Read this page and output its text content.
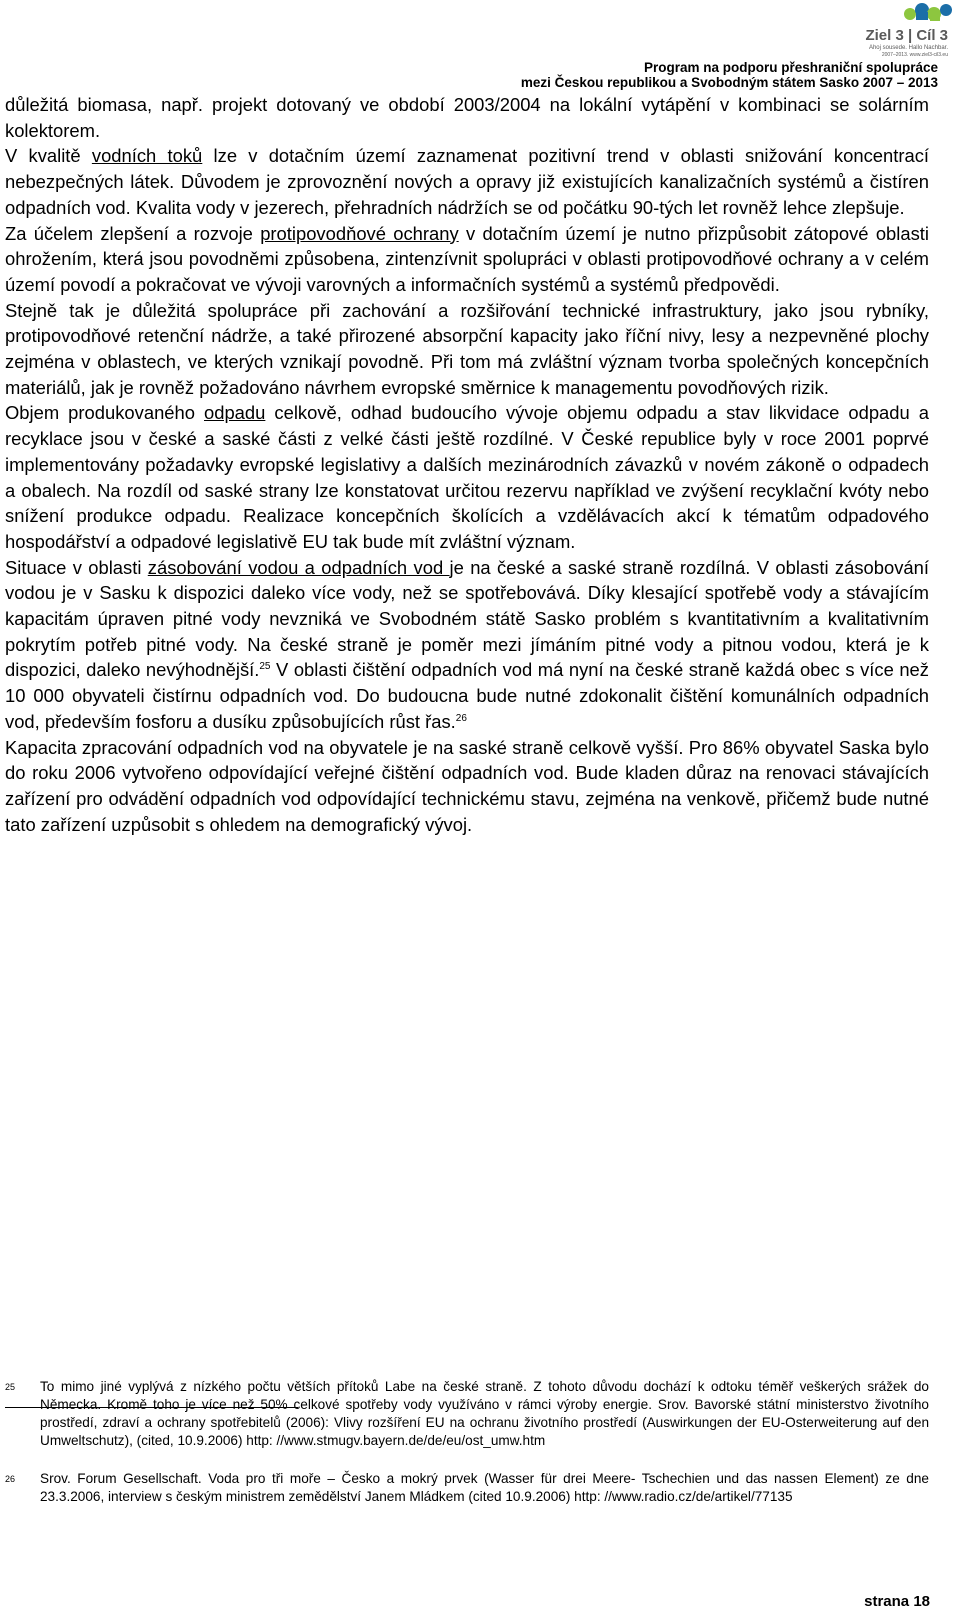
Ziel 3 | Cíl 3
Ahoj sousede. Hallo Nachbar.
2007–2013. www.ziel3-cil3.eu
Program na podporu přeshraniční spolupráce
mezi Českou republikou a Svobodným státem Sasko 2007 – 2013

důležitá biomasa, např. projekt dotovaný ve období 2003/2004 na lokální vytápění v kombinaci se solárním kolektorem.

V kvalitě vodních toků lze v dotačním území zaznamenat pozitivní trend v oblasti snižování koncentrací nebezpečných látek. Důvodem je zprovoznění nových a opravy již existujících kanalizačních systémů a čistíren odpadních vod. Kvalita vody v jezerech, přehradních nádržích se od počátku 90-tých let rovněž lehce zlepšuje.

Za účelem zlepšení a rozvoje protipovodňové ochrany v dotačním území je nutno přizpůsobit zátopové oblasti ohrožením, která jsou povodněmi způsobena, zintenzívnit spolupráci v oblasti protipovodňové ochrany a v celém území povodí a pokračovat ve vývoji varovných a informačních systémů a systémů předpovědi.

Stejně tak je důležitá spolupráce při zachování a rozšiřování technické infrastruktury, jako jsou rybníky, protipovodňové retenční nádrže, a také přirozené absorpční kapacity jako říční nivy, lesy a nezpevněné plochy zejména v oblastech, ve kterých vznikají povodně. Při tom má zvláštní význam tvorba společných koncepčních materiálů, jak je rovněž požadováno návrhem evropské směrnice k managementu povodňových rizik.

Objem produkovaného odpadu celkově, odhad budoucího vývoje objemu odpadu a stav likvidace odpadu a recyklace jsou v české a saské části z velké části ještě rozdílné. V České republice byly v roce 2001 poprvé implementovány požadavky evropské legislativy a dalších mezinárodních závazků v novém zákoně o odpadech a obalech. Na rozdíl od saské strany lze konstatovat určitou rezervu například ve zvýšení recyklační kvóty nebo snížení produkce odpadu. Realizace koncepčních školících a vzdělávacích akcí k tématům odpadového hospodářství a odpadové legislativě EU tak bude mít zvláštní význam.

Situace v oblasti zásobování vodou a odpadních vod je na české a saské straně rozdílná. V oblasti zásobování vodou je v Sasku k dispozici daleko více vody, než se spotřebovává. Díky klesající spotřebě vody a stávajícím kapacitám úpraven pitné vody nevzniká ve Svobodném státě Sasko problém s kvantitativním a kvalitativním pokrytím potřeb pitné vody. Na české straně je poměr mezi jímáním pitné vody a pitnou vodou, která je k dispozici, daleko nevýhodnější.$^{25}$ V oblasti čištění odpadních vod má nyní na české straně každá obec s více než 10 000 obyvateli čistírnu odpadních vod. Do budoucna bude nutné zdokonalit čištění komunálních odpadních vod, především fosforu a dusíku způsobujících růst řas.$^{26}$

Kapacita zpracování odpadních vod na obyvatele je na saské straně celkově vyšší. Pro 86% obyvatel Saska bylo do roku 2006 vytvořeno odpovídající veřejné čištění odpadních vod. Bude kladen důraz na renovaci stávajících zařízení pro odvádění odpadních vod odpovídající technickému stavu, zejména na venkově, přičemž bude nutné tato zařízení uzpůsobit s ohledem na demografický vývoj.

25 To mimo jiné vyplývá z nízkého počtu větších přítoků Labe na české straně. Z tohoto důvodu dochází k odtoku téměř veškerých srážek do Německa. Kromě toho je více než 50% celkové spotřeby vody využíváno v rámci výroby energie. Srov. Bavorské státní ministerstvo životního prostředí, zdraví a ochrany spotřebitelů (2006): Vlivy rozšíření EU na ochranu životního prostředí (Auswirkungen der EU-Osterweiterung auf den Umweltschutz), (cited, 10.9.2006) http: //www.stmugv.bayern.de/de/eu/ost_umw.htm
26 Srov. Forum Gesellschaft. Voda pro tři moře – Česko a mokrý prvek (Wasser für drei Meere- Tschechien und das nassen Element) ze dne 23.3.2006, interview s českým ministrem zemědělství Janem Mládkem (cited 10.9.2006) http: //www.radio.cz/de/artikel/77135
strana 18
